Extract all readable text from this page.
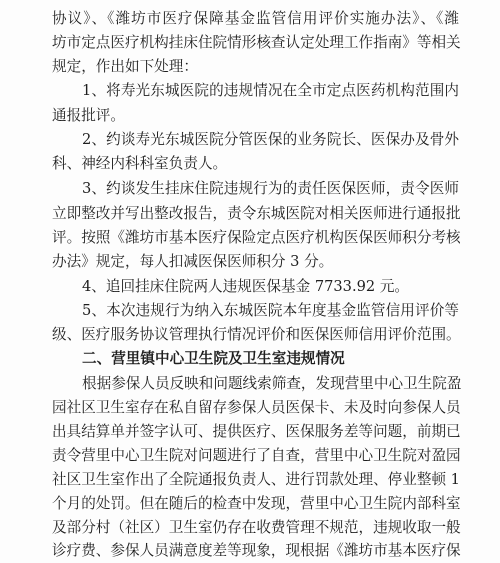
协议》、《潍坊市医疗保障基金监管信用评价实施办法》、《潍
坊市定点医疗机构挂床住院情形核查认定处理工作指南》等相关
规定，作出如下处理：
1、将寿光东城医院的违规情况在全市定点医药机构范围内
通报批评。
2、约谈寿光东城医院分管医保的业务院长、医保办及骨外
科、神经内科科室负责人。
3、约谈发生挂床住院违规行为的责任医保医师，责令医师
立即整改并写出整改报告，责令东城医院对相关医师进行通报批
评。按照《潍坊市基本医疗保险定点医疗机构医保医师积分考核
办法》规定，每人扣减医保医师积分 3 分。
4、追回挂床住院两人违规医保基金 7733.92 元。
5、本次违规行为纳入东城医院本年度基金监管信用评价等
级、医疗服务协议管理执行情况评价和医保医师信用评价范围。
二、营里镇中心卫生院及卫生室违规情况
根据参保人员反映和问题线索筛查，发现营里中心卫生院盈
园社区卫生室存在私自留存参保人员医保卡、未及时向参保人员
出具结算单并签字认可、提供医疗、医保服务差等问题，前期已
责令营里中心卫生院对问题进行了自查，营里中心卫生院对盈园
社区卫生室作出了全院通报负责人、进行罚款处理、停业整顿 1
个月的处罚。但在随后的检查中发现，营里中心卫生院内部科室
及部分村（社区）卫生室仍存在收费管理不规范，违规收取一般
诊疗费、参保人员满意度差等现象，现根据《潍坊市基本医疗保
